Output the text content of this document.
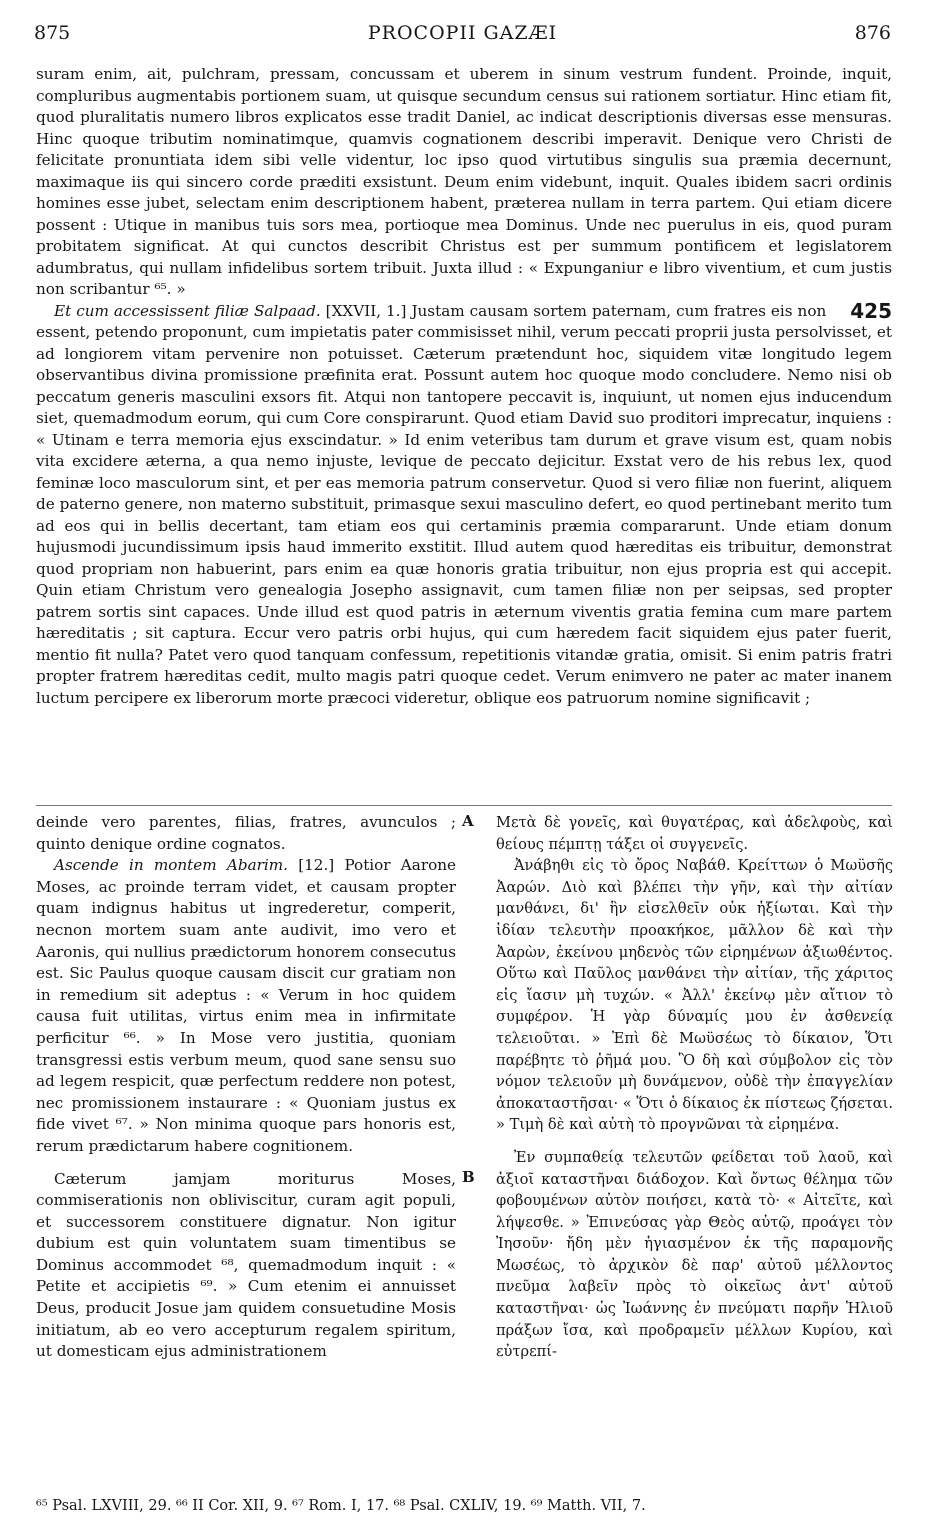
875	PROCOPII GAZÆI	876

suram enim, ait, pulchram, pressam, concussam et uberem in sinum vestrum fundent. Proinde, inquit, compluribus augmentabis portionem suam, ut quisque secundum census sui rationem sortiatur. Hinc etiam fit, quod pluralitatis numero libros explicatos esse tradit Daniel, ac indicat descriptionis diversas esse mensuras. Hinc quoque tributim nominatimque, quamvis cognationem describi imperavit. Denique vero Christi de felicitate pronuntiata idem sibi velle videntur, loc ipso quod virtutibus singulis sua præmia decernunt, maximaque iis qui sincero corde præditi exsistunt. Deum enim videbunt, inquit. Quales ibidem sacri ordinis homines esse jubet, selectam enim descriptionem habent, præterea nullam in terra partem. Qui etiam dicere possent : Utique in manibus tuis sors mea, portioque mea Dominus. Unde nec puerulus in eis, quod puram probitatem significat. At qui cunctos describit Christus est per summum pontificem et legislatorem adumbratus, qui nullam infidelibus sortem tribuit. Juxta illud : « Expunganiur e libro viventium, et cum justis non scribantur ⁶⁵. »

425
Et cum accessissent filiæ Salpaad. [XXVII, 1.] Justam causam sortem paternam, cum fratres eis non essent, petendo proponunt, cum impietatis pater commisisset nihil, verum peccati proprii justa persolvisset, et ad longiorem vitam pervenire non potuisset. Cæterum prætendunt hoc, siquidem vitæ longitudo legem observantibus divina promissione præfinita erat. Possunt autem hoc quoque modo concludere. Nemo nisi ob peccatum generis masculini exsors fit. Atqui non tantopere peccavit is, inquiunt, ut nomen ejus inducendum siet, quemadmodum eorum, qui cum Core conspirarunt. Quod etiam David suo proditori imprecatur, inquiens : « Utinam e terra memoria ejus exscindatur. » Id enim veteribus tam durum et grave visum est, quam nobis vita excidere æterna, a qua nemo injuste, levique de peccato dejicitur. Exstat vero de his rebus lex, quod feminæ loco masculorum sint, et per eas memoria patrum conservetur. Quod si vero filiæ non fuerint, aliquem de paterno genere, non materno substituit, primasque sexui masculino defert, eo quod pertinebant merito tum ad eos qui in bellis decertant, tam etiam eos qui certaminis præmia compararunt. Unde etiam donum hujusmodi jucundissimum ipsis haud immerito exstitit. Illud autem quod hæreditas eis tribuitur, demonstrat quod propriam non habuerint, pars enim ea quæ honoris gratia tribuitur, non ejus propria est qui accepit. Quin etiam Christum vero genealogia Josepho assignavit, cum tamen filiæ non per seipsas, sed propter patrem sortis sint capaces. Unde illud est quod patris in æternum viventis gratia femina cum mare partem hæreditatis ; sit captura. Eccur vero patris orbi hujus, qui cum hæredem facit siquidem ejus pater fuerit, mentio fit nulla? Patet vero quod tanquam confessum, repetitionis vitandæ gratia, omisit. Si enim patris fratri propter fratrem hæreditas cedit, multo magis patri quoque cedet. Verum enimvero ne pater ac mater inanem luctum percipere ex liberorum morte præcoci videretur, oblique eos patruorum nomine significavit ;

deinde vero parentes, filias, fratres, avunculos ; quinto denique ordine cognatos.

Ascende in montem Abarim. [12.] Potior Aarone Moses, ac proinde terram videt, et causam propter quam indignus habitus ut ingrederetur, comperit, necnon mortem suam ante audivit, imo vero et Aaronis, qui nullius prædictorum honorem consecutus est. Sic Paulus quoque causam discit cur gratiam non in remedium sit adeptus : « Verum in hoc quidem causa fuit utilitas, virtus enim mea in infirmitate perficitur ⁶⁶. » In Mose vero justitia, quoniam transgressi estis verbum meum, quod sane sensu suo ad legem respicit, quæ perfectum reddere non potest, nec promissionem instaurare : « Quoniam justus ex fide vivet ⁶⁷. » Non minima quoque pars honoris est, rerum prædictarum habere cognitionem.

Cæterum jamjam moriturus Moses, commiserationis non obliviscitur, curam agit populi, et successorem constituere dignatur. Non igitur dubium est quin voluntatem suam timentibus se Dominus accommodet ⁶⁸, quemadmodum inquit : « Petite et accipietis ⁶⁹. » Cum etenim ei annuisset Deus, producit Josue jam quidem consuetudine Mosis initiatum, ab eo vero accepturum regalem spiritum, ut domesticam ejus administrationem

A
B

Μετὰ δὲ γονεῖς, καὶ θυγατέρας, καὶ ἀδελφοὺς, καὶ θείους πέμπτῃ τάξει οἱ συγγενεῖς.

Ἀνάβηθι εἰς τὸ ὄρος Ναβάθ. Κρείττων ὁ Μωϋσῆς Ἀαρών. Διὸ καὶ βλέπει τὴν γῆν, καὶ τὴν αἰτίαν μανθάνει, δι' ἣν εἰσελθεῖν οὐκ ἠξίωται. Καὶ τὴν ἰδίαν τελευτὴν προακήκοε, μᾶλλον δὲ καὶ τὴν Ἀαρὼν, ἐκείνου μηδενὸς τῶν εἰρημένων ἀξιωθέντος. Οὕτω καὶ Παῦλος μανθάνει τὴν αἰτίαν, τῆς χάριτος εἰς ἴασιν μὴ τυχών. « Ἀλλ' ἐκείνῳ μὲν αἴτιον τὸ συμφέρον. Ἡ γὰρ δύναμίς μου ἐν ἀσθενείᾳ τελειοῦται. » Ἐπὶ δὲ Μωϋσέως τὸ δίκαιον, Ὅτι παρέβητε τὸ ῥῆμά μου. Ὃ δὴ καὶ σύμβολον εἰς τὸν νόμον τελειοῦν μὴ δυνάμενον, οὐδὲ τὴν ἐπαγγελίαν ἀποκαταστῆσαι· « Ὅτι ὁ δίκαιος ἐκ πίστεως ζήσεται. » Τιμὴ δὲ καὶ αὐτὴ τὸ προγνῶναι τὰ εἰρημένα.

Ἐν συμπαθείᾳ τελευτῶν φείδεται τοῦ λαοῦ, καὶ ἀξιοῖ καταστῆναι διάδοχον. Καὶ ὄντως θέλημα τῶν φοβουμένων αὐτὸν ποιήσει, κατὰ τὸ· « Αἰτεῖτε, καὶ λήψεσθε. » Ἐπινεύσας γὰρ Θεὸς αὐτῷ, προάγει τὸν Ἰησοῦν· ἤδη μὲν ἡγιασμένον ἐκ τῆς παραμονῆς Μωσέως, τὸ ἀρχικὸν δὲ παρ' αὐτοῦ μέλλοντος πνεῦμα λαβεῖν πρὸς τὸ οἰκεῖως ἀντ' αὐτοῦ καταστῆναι· ὡς Ἰωάννης ἐν πνεύματι παρῆν Ἡλιοῦ πράξων ἴσα, καὶ προδραμεῖν μέλλων Κυρίου, καὶ εὐτρεπί-

⁶⁵ Psal. LXVIII, 29. ⁶⁶ II Cor. XII, 9. ⁶⁷ Rom. I, 17. ⁶⁸ Psal. CXLIV, 19. ⁶⁹ Matth. VII, 7.
